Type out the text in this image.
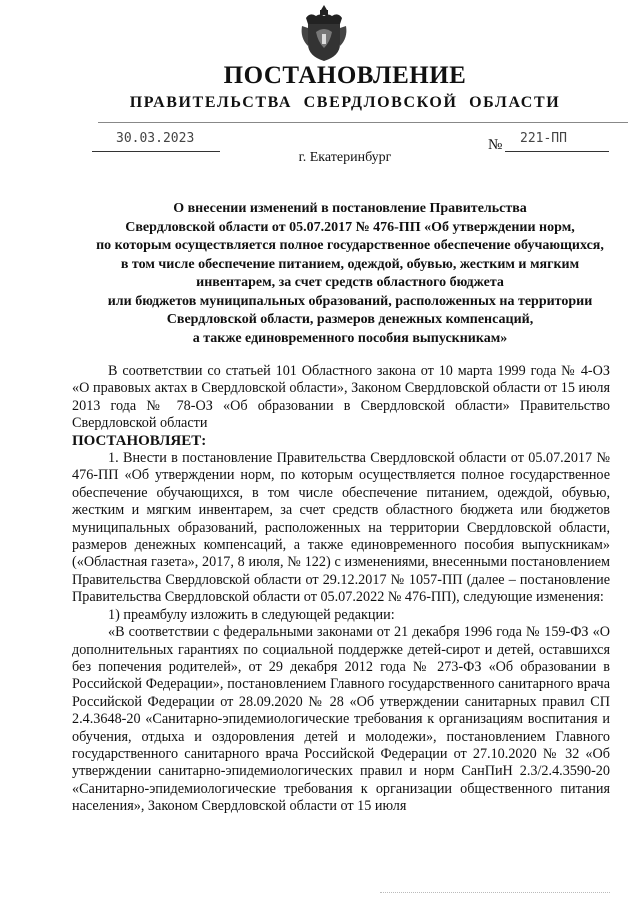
ПОСТАНОВЛЕНИЕ
ПРАВИТЕЛЬСТВА СВЕРДЛОВСКОЙ ОБЛАСТИ
30.03.2023	№ 221-ПП
г. Екатеринбург
О внесении изменений в постановление Правительства
Свердловской области от 05.07.2017 № 476-ПП «Об утверждении норм,
по которым осуществляется полное государственное обеспечение обучающихся,
в том числе обеспечение питанием, одеждой, обувью, жестким и мягким
инвентарем, за счет средств областного бюджета
или бюджетов муниципальных образований, расположенных на территории
Свердловской области, размеров денежных компенсаций,
а также единовременного пособия выпускникам»

В соответствии со статьей 101 Областного закона от 10 марта 1999 года № 4-ОЗ «О правовых актах в Свердловской области», Законом Свердловской области от 15 июля 2013 года № 78-ОЗ «Об образовании в Свердловской области» Правительство Свердловской области

ПОСТАНОВЛЯЕТ:

1. Внести в постановление Правительства Свердловской области от 05.07.2017 № 476-ПП «Об утверждении норм, по которым осуществляется полное государственное обеспечение обучающихся, в том числе обеспечение питанием, одеждой, обувью, жестким и мягким инвентарем, за счет средств областного бюджета или бюджетов муниципальных образований, расположенных на территории Свердловской области, размеров денежных компенсаций, а также единовременного пособия выпускникам» («Областная газета», 2017, 8 июля, № 122) с изменениями, внесенными постановлением Правительства Свердловской области от 29.12.2017 № 1057-ПП (далее – постановление Правительства Свердловской области от 05.07.2022 № 476-ПП), следующие изменения:

1) преамбулу изложить в следующей редакции:

«В соответствии с федеральными законами от 21 декабря 1996 года № 159-ФЗ «О дополнительных гарантиях по социальной поддержке детей-сирот и детей, оставшихся без попечения родителей», от 29 декабря 2012 года № 273-ФЗ «Об образовании в Российской Федерации», постановлением Главного государственного санитарного врача Российской Федерации от 28.09.2020 № 28 «Об утверждении санитарных правил СП 2.4.3648-20 «Санитарно-эпидемиологические требования к организациям воспитания и обучения, отдыха и оздоровления детей и молодежи», постановлением Главного государственного санитарного врача Российской Федерации от 27.10.2020 № 32 «Об утверждении санитарно-эпидемиологических правил и норм СанПиН 2.3/2.4.3590-20 «Санитарно-эпидемиологические требования к организации общественного питания населения», Законом Свердловской области от 15 июля
